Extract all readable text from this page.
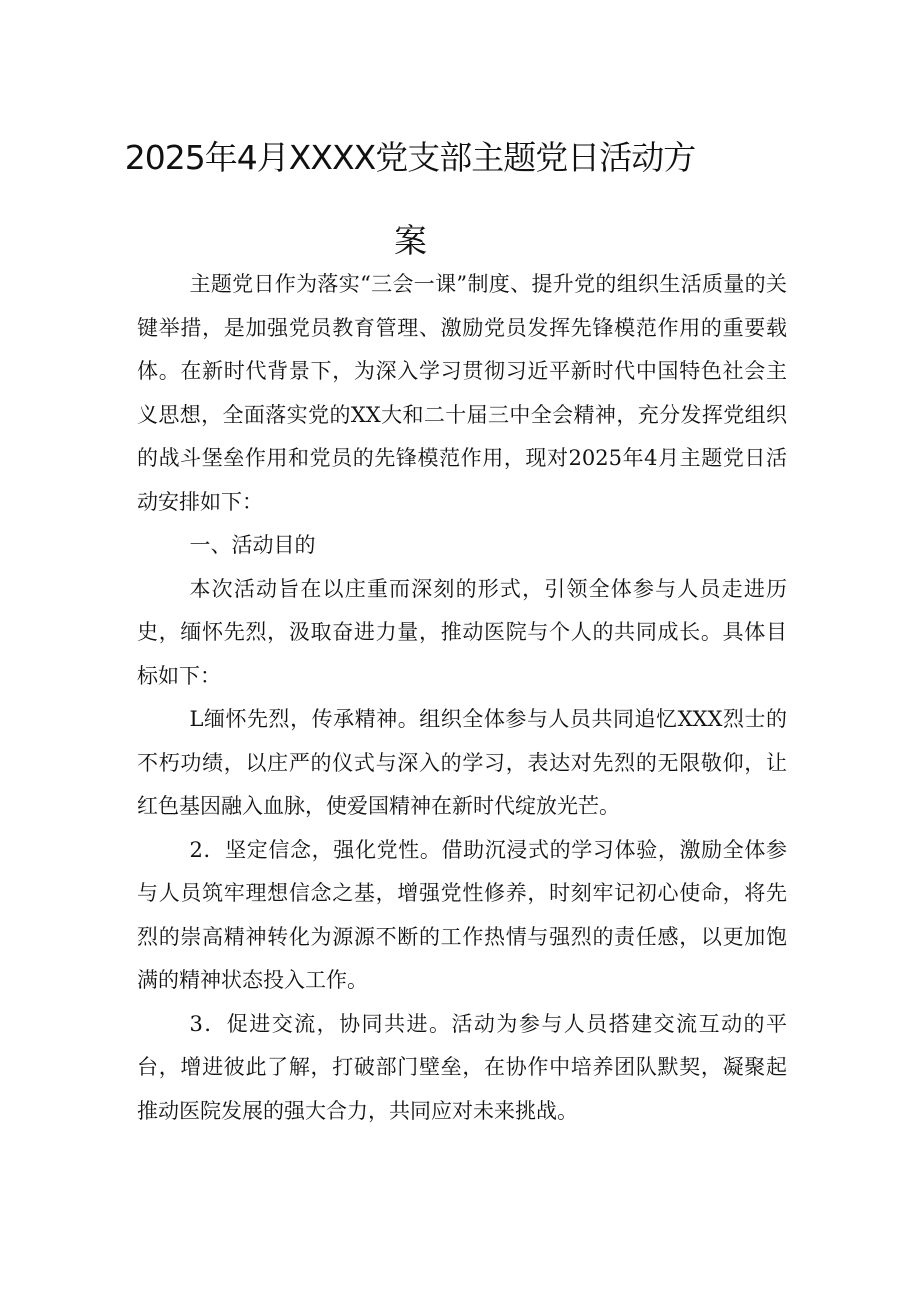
2025年4月XXXX党支部主题党日活动方
案

主题党日作为落实“三会一课”制度、提升党的组织生活质量的关键举措，是加强党员教育管理、激励党员发挥先锋模范作用的重要载体。在新时代背景下，为深入学习贯彻习近平新时代中国特色社会主义思想，全面落实党的XX大和二十届三中全会精神，充分发挥党组织的战斗堡垒作用和党员的先锋模范作用，现对2025年4月主题党日活动安排如下：

一、活动目的

本次活动旨在以庄重而深刻的形式，引领全体参与人员走进历史，缅怀先烈，汲取奋进力量，推动医院与个人的共同成长。具体目标如下：

L缅怀先烈，传承精神。组织全体参与人员共同追忆XXX烈士的不朽功绩，以庄严的仪式与深入的学习，表达对先烈的无限敬仰，让红色基因融入血脉，使爱国精神在新时代绽放光芒。

2．坚定信念，强化党性。借助沉浸式的学习体验，激励全体参与人员筑牢理想信念之基，增强党性修养，时刻牢记初心使命，将先烈的崇高精神转化为源源不断的工作热情与强烈的责任感，以更加饱满的精神状态投入工作。

3．促进交流，协同共进。活动为参与人员搭建交流互动的平台，增进彼此了解，打破部门壁垒，在协作中培养团队默契，凝聚起推动医院发展的强大合力，共同应对未来挑战。
